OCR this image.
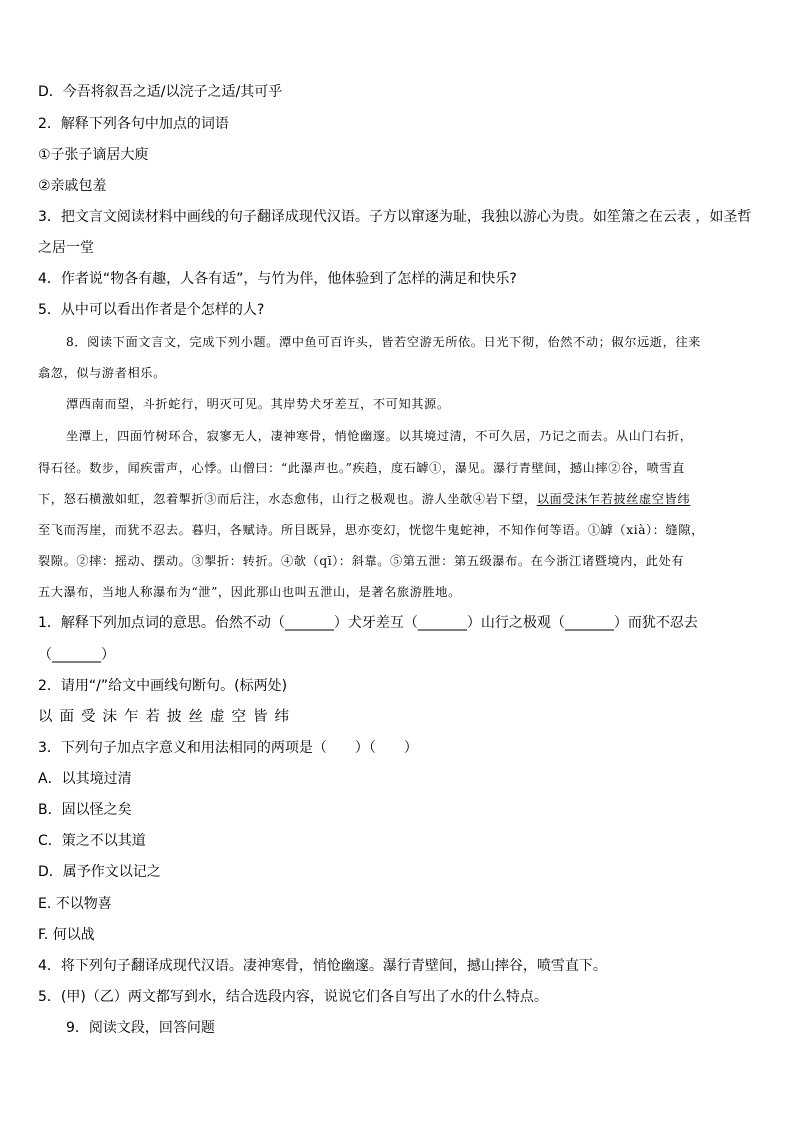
D．今吾将叙吾之适/以浣子之适/其可乎
2．解释下列各句中加点的词语
①子张子谪居大庾
②亲戚包羞
3．把文言文阅读材料中画线的句子翻译成现代汉语。子方以窜逐为耻，我独以游心为贵。如笙箫之在云表 ，如圣哲
之居一堂
4．作者说“物各有趣，人各有适”，与竹为伴，他体验到了怎样的满足和快乐?
5．从中可以看出作者是个怎样的人?
8．阅读下面文言文，完成下列小题。潭中鱼可百许头，皆若空游无所依。日光下彻，佁然不动；俶尔远逝，往来
翕忽，似与游者相乐。
潭西南而望，斗折蛇行，明灭可见。其岸势犬牙差互，不可知其源。
坐潭上，四面竹树环合，寂寥无人，凄神寒骨，悄怆幽邃。以其境过清，不可久居，乃记之而去。从山门右折，
得石径。数步，闻疾雷声，心悸。山僧曰：“此瀑声也。”疾趋，度石罅①，瀑见。瀑行青壁间，撼山摔②谷，喷雪直
下，怒石横激如虹，忽着掣折③而后注，水态愈伟，山行之极观也。游人坐欹④岩下望，以面受沫乍若披丝虚空皆纬
至飞而泻崖，而犹不忍去。暮归，各赋诗。所目既异，思亦变幻，恍惚牛鬼蛇神，不知作何等语。①罅（xià）：缝隙，
裂隙。②摔：摇动、摆动。③掣折：转折。④欹（qī）：斜靠。⑤第五泄：第五级瀑布。在今浙江诸暨境内，此处有
五大瀑布，当地人称瀑布为“泄”，因此那山也叫五泄山，是著名旅游胜地。
1．解释下列加点词的意思。佁然不动（_______）犬牙差互（_______）山行之极观（_______）而犹不忍去
（_______）
2．请用“/”给文中画线句断句。(标两处)
以面受沫乍若披丝虚空皆纬
3．下列句子加点字意义和用法相同的两项是（　　）（　　）
A．以其境过清
B．固以怪之矣
C．策之不以其道
D．属予作文以记之
E. 不以物喜
F. 何以战
4．将下列句子翻译成现代汉语。凄神寒骨，悄怆幽邃。瀑行青壁间，撼山摔谷，喷雪直下。
5．(甲)（乙）两文都写到水，结合选段内容，说说它们各自写出了水的什么特点。
9．阅读文段，回答问题
